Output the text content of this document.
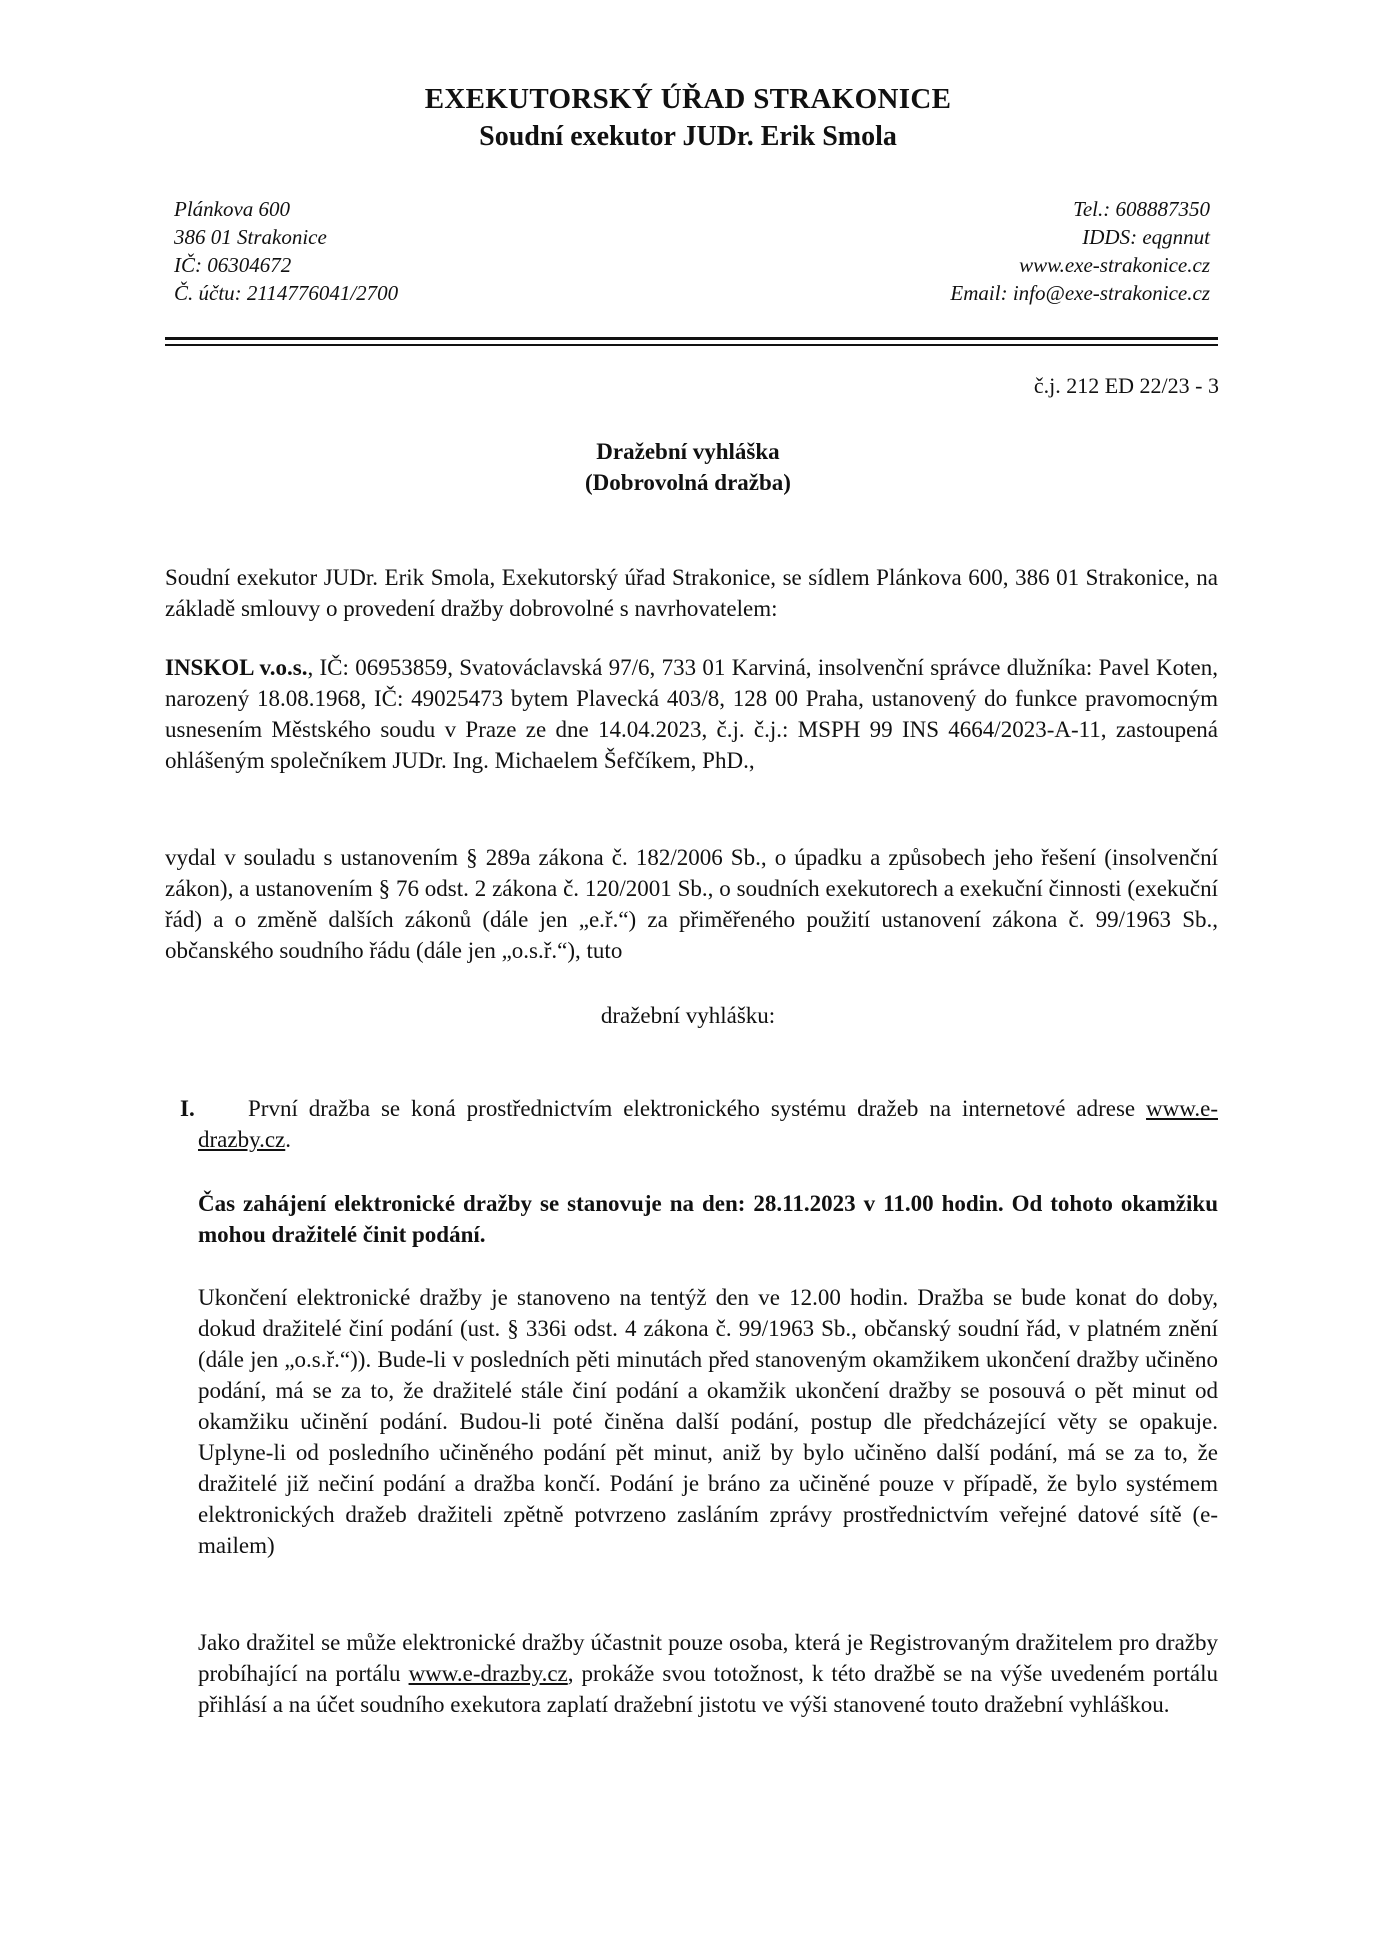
EXEKUTORSKÝ ÚŘAD STRAKONICE
Soudní exekutor JUDr. Erik Smola
Plánkova 600
386 01 Strakonice
IČ: 06304672
Č. účtu: 2114776041/2700
Tel.: 608887350
IDDS: eqgnnut
www.exe-strakonice.cz
Email: info@exe-strakonice.cz
č.j. 212 ED 22/23 - 3
Dražební vyhláška
(Dobrovolná dražba)

Soudní exekutor JUDr. Erik Smola, Exekutorský úřad Strakonice, se sídlem Plánkova 600, 386 01 Strakonice, na základě smlouvy o provedení dražby dobrovolné s navrhovatelem:

INSKOL v.o.s., IČ: 06953859, Svatováclavská 97/6, 733 01 Karviná, insolvenční správce dlužníka: Pavel Koten, narozený 18.08.1968, IČ: 49025473 bytem Plavecká 403/8, 128 00 Praha, ustanovený do funkce pravomocným usnesením Městského soudu v Praze ze dne 14.04.2023, č.j. č.j.: MSPH 99 INS 4664/2023-A-11, zastoupená ohlášeným společníkem JUDr. Ing. Michaelem Šefčíkem, PhD.,

vydal v souladu s ustanovením § 289a zákona č. 182/2006 Sb., o úpadku a způsobech jeho řešení (insolvenční zákon), a ustanovením § 76 odst. 2 zákona č. 120/2001 Sb., o soudních exekutorech a exekuční činnosti (exekuční řád) a o změně dalších zákonů (dále jen „e.ř.“) za přiměřeného použití ustanovení zákona č. 99/1963 Sb., občanského soudního řádu (dále jen „o.s.ř.“), tuto

dražební vyhlášku:
I.	První dražba se koná prostřednictvím elektronického systému dražeb na internetové adrese www.e-drazby.cz.

Čas zahájení elektronické dražby se stanovuje na den: 28.11.2023 v 11.00 hodin. Od tohoto okamžiku mohou dražitelé činit podání.

Ukončení elektronické dražby je stanoveno na tentýž den ve 12.00 hodin. Dražba se bude konat do doby, dokud dražitelé činí podání (ust. § 336i odst. 4 zákona č. 99/1963 Sb., občanský soudní řád, v platném znění (dále jen „o.s.ř.“)). Bude-li v posledních pěti minutách před stanoveným okamžikem ukončení dražby učiněno podání, má se za to, že dražitelé stále činí podání a okamžik ukončení dražby se posouvá o pět minut od okamžiku učinění podání. Budou-li poté činěna další podání, postup dle předcházející věty se opakuje. Uplyne-li od posledního učiněného podání pět minut, aniž by bylo učiněno další podání, má se za to, že dražitelé již nečiní podání a dražba končí. Podání je bráno za učiněné pouze v případě, že bylo systémem elektronických dražeb dražiteli zpětně potvrzeno zasláním zprávy prostřednictvím veřejné datové sítě (e-mailem)

Jako dražitel se může elektronické dražby účastnit pouze osoba, která je Registrovaným dražitelem pro dražby probíhající na portálu www.e-drazby.cz, prokáže svou totožnost, k této dražbě se na výše uvedeném portálu přihlásí a na účet soudního exekutora zaplatí dražební jistotu ve výši stanovené touto dražební vyhláškou.
